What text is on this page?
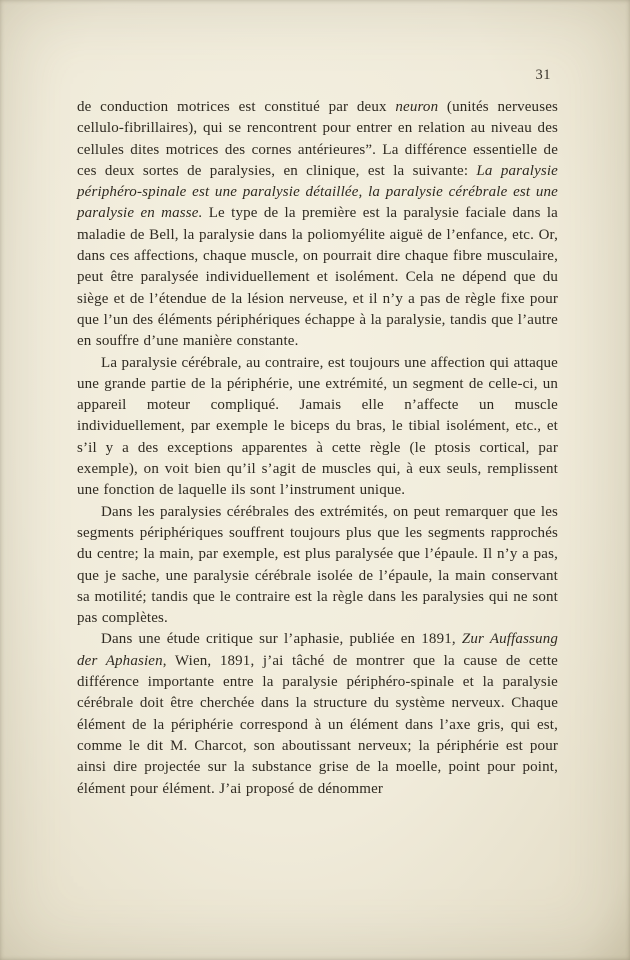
31

de conduction motrices est constitué par deux neuron (unités nerveuses cellulo-fibrillaires), qui se rencontrent pour entrer en relation au niveau des cellules dites motrices des cornes antérieures”. La différence essentielle de ces deux sortes de paralysies, en clinique, est la suivante: La paralysie périphéro-spinale est une paralysie détaillée, la paralysie cérébrale est une paralysie en masse. Le type de la première est la paralysie faciale dans la maladie de Bell, la paralysie dans la poliomyélite aiguë de l’enfance, etc. Or, dans ces affections, chaque muscle, on pourrait dire chaque fibre musculaire, peut être paralysée individuellement et isolément. Cela ne dépend que du siège et de l’étendue de la lésion nerveuse, et il n’y a pas de règle fixe pour que l’un des éléments périphériques échappe à la paralysie, tandis que l’autre en souffre d’une manière constante.

La paralysie cérébrale, au contraire, est toujours une affection qui attaque une grande partie de la périphérie, une extrémité, un segment de celle-ci, un appareil moteur compliqué. Jamais elle n’affecte un muscle individuellement, par exemple le biceps du bras, le tibial isolément, etc., et s’il y a des exceptions apparentes à cette règle (le ptosis cortical, par exemple), on voit bien qu’il s’agit de muscles qui, à eux seuls, remplissent une fonction de laquelle ils sont l’instrument unique.

Dans les paralysies cérébrales des extrémités, on peut remarquer que les segments périphériques souffrent toujours plus que les segments rapprochés du centre; la main, par exemple, est plus paralysée que l’épaule. Il n’y a pas, que je sache, une paralysie cérébrale isolée de l’épaule, la main conservant sa motilité; tandis que le contraire est la règle dans les paralysies qui ne sont pas complètes.

Dans une étude critique sur l’aphasie, publiée en 1891, Zur Auffassung der Aphasien, Wien, 1891, j’ai tâché de montrer que la cause de cette différence importante entre la paralysie périphéro-spinale et la paralysie cérébrale doit être cherchée dans la structure du système nerveux. Chaque élément de la périphérie correspond à un élément dans l’axe gris, qui est, comme le dit M. Charcot, son aboutissant nerveux; la périphérie est pour ainsi dire projectée sur la substance grise de la moelle, point pour point, élément pour élément. J’ai proposé de dénommer
